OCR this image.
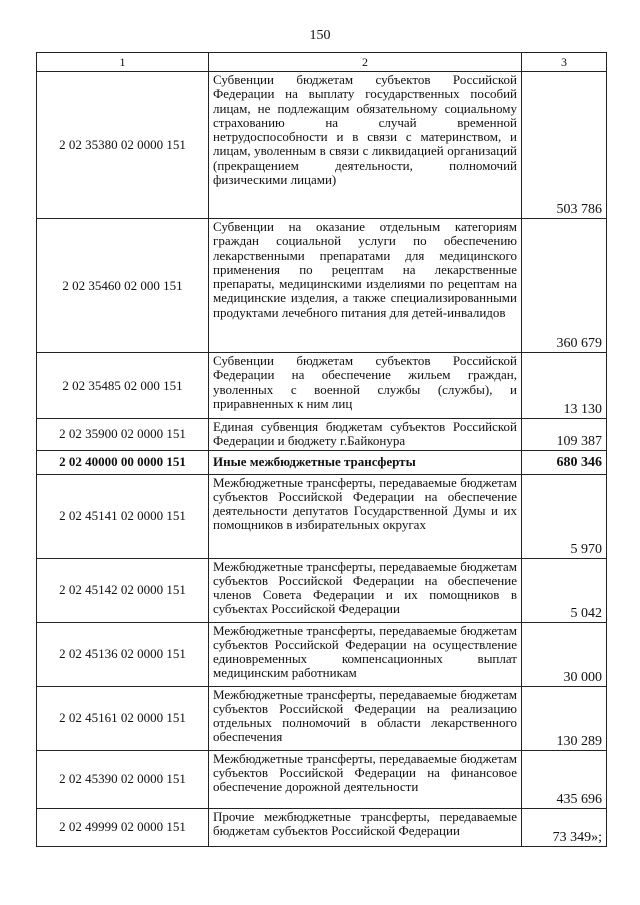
150
1	2	3
2 02 35380 02 0000 151	Субвенции бюджетам субъектов Российской Федерации на выплату государственных пособий лицам, не подлежащим обязательному социальному страхованию на случай временной нетрудоспособности и в связи с материнством, и лицам, уволенным в связи с ликвидацией организаций (прекращением деятельности, полномочий физическими лицами)	503 786
2 02 35460 02 000 151	Субвенции на оказание отдельным категориям граждан социальной услуги по обеспечению лекарственными препаратами для медицинского применения по рецептам на лекарственные препараты, медицинскими изделиями по рецептам на медицинские изделия, а также специализированными продуктами лечебного питания для детей-инвалидов	360 679
2 02 35485 02 000 151	Субвенции бюджетам субъектов Российской Федерации на обеспечение жильем граждан, уволенных с военной службы (службы), и приравненных к ним лиц	13 130
2 02 35900 02 0000 151	Единая субвенция бюджетам субъектов Российской Федерации и бюджету г.Байконура	109 387
2 02 40000 00 0000 151	Иные межбюджетные трансферты	680 346
2 02 45141 02 0000 151	Межбюджетные трансферты, передаваемые бюджетам субъектов Российской Федерации на обеспечение деятельности депутатов Государственной Думы и их помощников в избирательных округах	5 970
2 02 45142 02 0000 151	Межбюджетные трансферты, передаваемые бюджетам субъектов Российской Федерации на обеспечение членов Совета Федерации и их помощников в субъектах Российской Федерации	5 042
2 02 45136 02 0000 151	Межбюджетные трансферты, передаваемые бюджетам субъектов Российской Федерации на осуществление единовременных компенсационных выплат медицинским работникам	30 000
2 02 45161 02 0000 151	Межбюджетные трансферты, передаваемые бюджетам субъектов Российской Федерации на реализацию отдельных полномочий в области лекарственного обеспечения	130 289
2 02 45390 02 0000 151	Межбюджетные трансферты, передаваемые бюджетам субъектов Российской Федерации на финансовое обеспечение дорожной деятельности	435 696
2 02 49999 02 0000 151	Прочие межбюджетные трансферты, передаваемые бюджетам субъектов Российской Федерации	73 349»;
